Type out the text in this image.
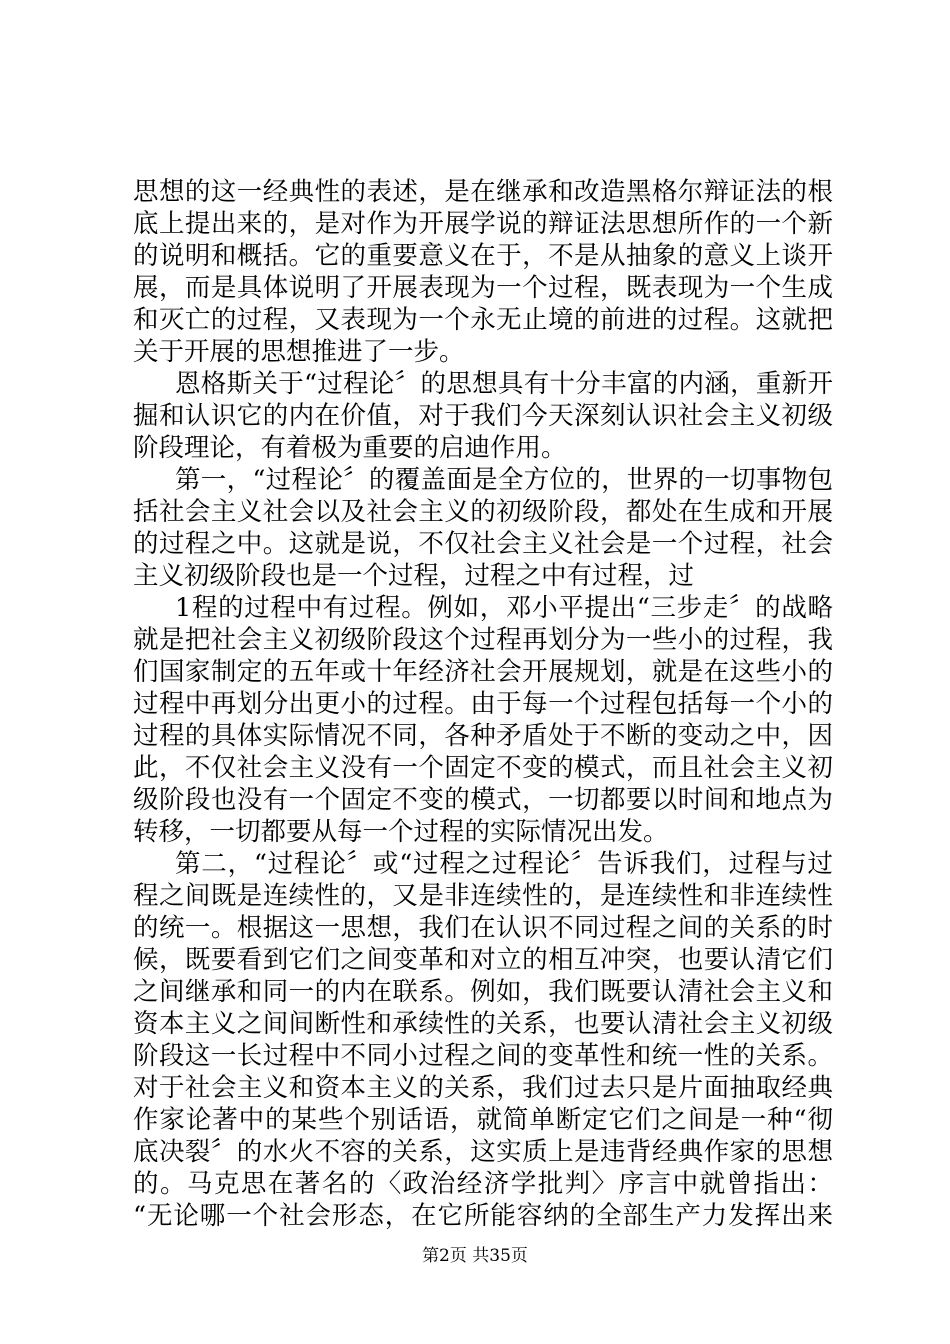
思想的这一经典性的表述，是在继承和改造黑格尔辩证法的根
底上提出来的，是对作为开展学说的辩证法思想所作的一个新
的说明和概括。它的重要意义在于，不是从抽象的意义上谈开
展，而是具体说明了开展表现为一个过程，既表现为一个生成
和灭亡的过程，又表现为一个永无止境的前进的过程。这就把
关于开展的思想推进了一步。
恩格斯关于“过程论〞的思想具有十分丰富的内涵，重新开
掘和认识它的内在价值，对于我们今天深刻认识社会主义初级
阶段理论，有着极为重要的启迪作用。
第一，“过程论〞的覆盖面是全方位的，世界的一切事物包
括社会主义社会以及社会主义的初级阶段，都处在生成和开展
的过程之中。这就是说，不仅社会主义社会是一个过程，社会
主义初级阶段也是一个过程，过程之中有过程，过
1程的过程中有过程。例如，邓小平提出“三步走〞的战略
就是把社会主义初级阶段这个过程再划分为一些小的过程，我
们国家制定的五年或十年经济社会开展规划，就是在这些小的
过程中再划分出更小的过程。由于每一个过程包括每一个小的
过程的具体实际情况不同，各种矛盾处于不断的变动之中，因
此，不仅社会主义没有一个固定不变的模式，而且社会主义初
级阶段也没有一个固定不变的模式，一切都要以时间和地点为
转移，一切都要从每一个过程的实际情况出发。
第二，“过程论〞或“过程之过程论〞告诉我们，过程与过
程之间既是连续性的，又是非连续性的，是连续性和非连续性
的统一。根据这一思想，我们在认识不同过程之间的关系的时
候，既要看到它们之间变革和对立的相互冲突，也要认清它们
之间继承和同一的内在联系。例如，我们既要认清社会主义和
资本主义之间间断性和承续性的关系，也要认清社会主义初级
阶段这一长过程中不同小过程之间的变革性和统一性的关系。
对于社会主义和资本主义的关系，我们过去只是片面抽取经典
作家论著中的某些个别话语，就简单断定它们之间是一种“彻
底决裂〞的水火不容的关系，这实质上是违背经典作家的思想
的。马克思在著名的〈政治经济学批判〉序言中就曾指出：
“无论哪一个社会形态，在它所能容纳的全部生产力发挥出来
第2页 共35页
